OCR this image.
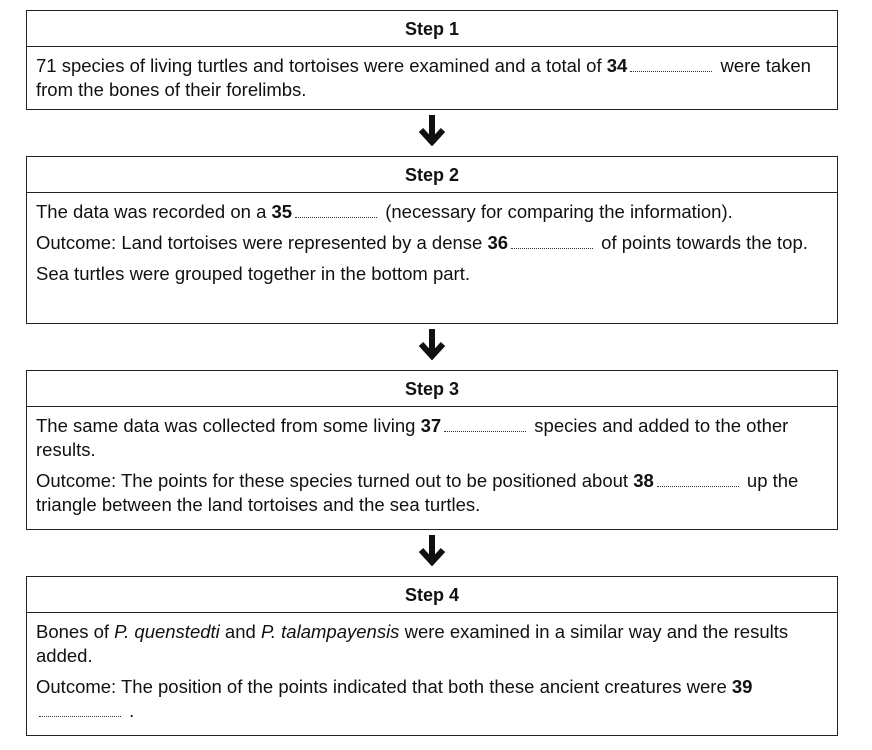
Step 1
71 species of living turtles and tortoises were examined and a total of 34	were taken from the bones of their forelimbs.
Step 2
The data was recorded on a 35	(necessary for comparing the information).
Outcome: Land tortoises were represented by a dense 36	of points towards the top.
Sea turtles were grouped together in the bottom part.
Step 3
The same data was collected from some living 37	species and added to the other results.
Outcome: The points for these species turned out to be positioned about 38	up the triangle between the land tortoises and the sea turtles.
Step 4
Bones of P. quenstedti and P. talampayensis were examined in a similar way and the results added.
Outcome: The position of the points indicated that both these ancient creatures were 39 .
